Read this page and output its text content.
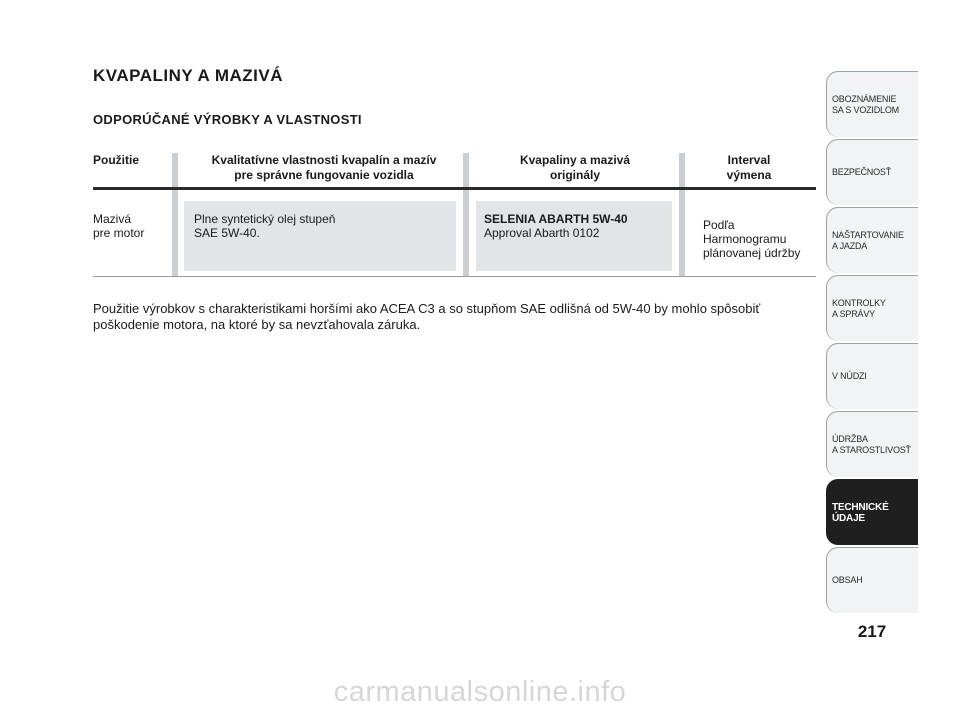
KVAPALINY A MAZIVÁ
ODPORÚČANÉ VÝROBKY A VLASTNOSTI
Použitie	Kvalitatívne vlastnosti kvapalín a mazív
pre správne fungovanie vozidla
Kvapaliny a mazivá
originály
Interval
výmena
Mazivá
pre motor
Plne syntetický olej stupeň
SAE 5W-40.
SELENIA ABARTH 5W-40
Approval Abarth 0102
Podľa
Harmonogramu
plánovanej údržby

Použitie výrobkov s charakteristikami horšími ako ACEA C3 a so stupňom SAE odlišná od 5W-40 by mohlo spôsobiť poškodenie motora, na ktoré by sa nevzťahovala záruka.

OBOZNÁMENIE
SA S VOZIDLOM
BEZPEČNOSŤ
NAŠTARTOVANIE
A JAZDA
KONTROLKY
A SPRÁVY
V NÚDZI
ÚDRŽBA
A STAROSTLIVOSŤ
TECHNICKÉ
ÚDAJE
OBSAH
217
carmanualsonline.info
